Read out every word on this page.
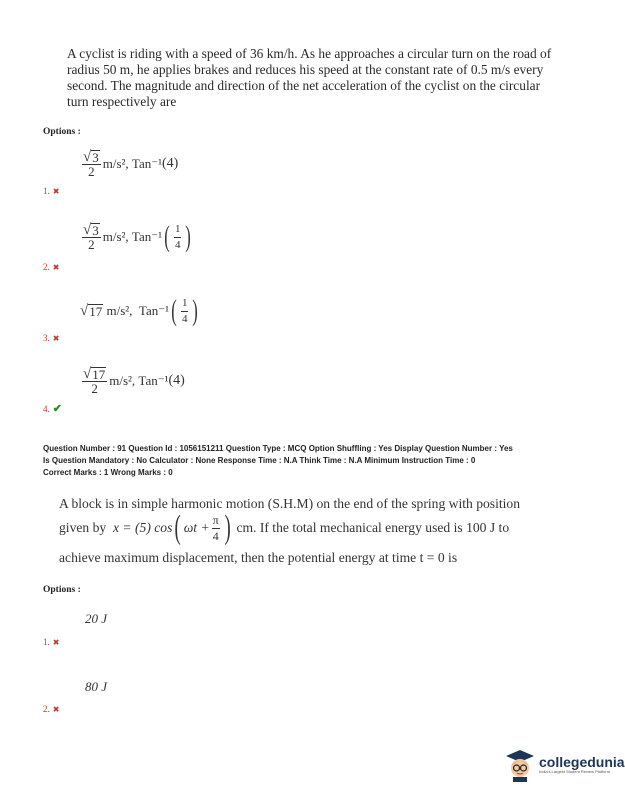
A cyclist is riding with a speed of 36 km/h. As he approaches a circular turn on the road of radius 50 m, he applies brakes and reduces his speed at the constant rate of 0.5 m/s every second. The magnitude and direction of the net acceleration of the cyclist on the circular turn respectively are
Options :
$\frac{√ 3}{2} m/s^2$,
Tan⁻¹ (4)
1. ✖
$\frac{√ 3}{2} m/s^2$,
Tan⁻¹ ( $\frac{1}{4}$ )
2. ✖
√ 17
m/s²,
Tan⁻¹ ( $\frac{1}{4}$ )
3. ✖
$\frac{√ 17}{2} m/s^2$,
Tan⁻¹ (4)
4. ✔
Question Number : 91 Question Id : 1056151211 Question Type : MCQ Option Shuffling : Yes Display Question Number : Yes
Is Question Mandatory : No Calculator : None Response Time : N.A Think Time : N.A Minimum Instruction Time : 0
Correct Marks : 1 Wrong Marks : 0
A block is in simple harmonic motion (S.H.M) on the end of the spring with position
given by
x = (5) cos ( $\omega t + \frac{\pi}{4}$ )
cm. If the total mechanical energy used is 100 J to
achieve maximum displacement, then the potential energy at time t = 0 is
Options :
20 J
1. ✖
80 J
2. ✖
collegedunia
India's Largest Student Review Platform
